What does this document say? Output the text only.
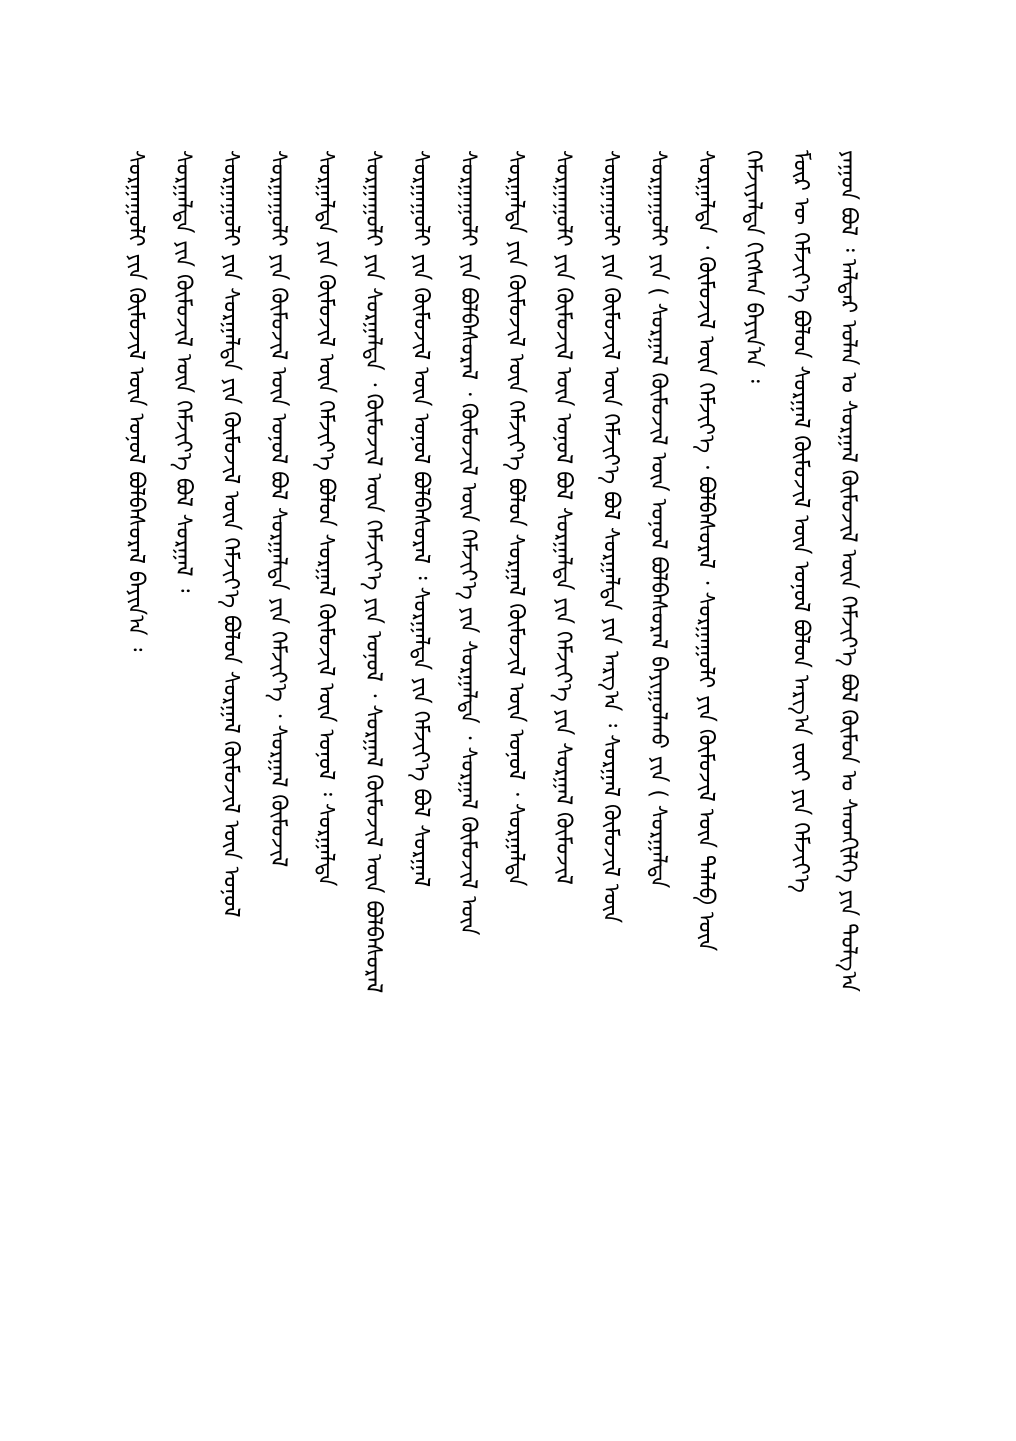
ᠶᠠᠭᠤᠨ ᠪᠣᠯ ᠄ ᠠᠯᠳᠠᠷ ᠣᠯᠠᠨ ᠤ ᠰᠤᠷᠭᠠᠯ ᠬᠦᠮᠦᠵᠢᠯ ᠦᠨ ᠬᠡᠮᠵᠢᠶ᠎ᠡ ᠪᠣᠯ ᠬᠦᠮᠦᠨ ᠤ ᠰᠡᠳᠬᠢᠯᠭᠡ ᠶᠢᠨ ᠲᠤᠯᠭ᠎ᠠ
ᠮᠥᠷ ᠦ ᠬᠡᠮᠵᠢᠶ᠎ᠡ ᠪᠣᠯᠤᠨ ᠰᠤᠷᠭᠠᠯ ᠬᠦᠮᠦᠵᠢᠯ ᠦᠨ ᠣᠨᠣᠯ ᠪᠣᠯᠤᠨ ᠠᠷᠭ᠎ᠠ ᠵᠦᠢ ᠶᠢᠨ ᠬᠡᠮᠵᠢᠶ᠎ᠡ
ᠬᠡᠮᠵᠢᠶᠡᠯᠲᠡ ᠬᠢᠭᠰᠡᠨ ᠪᠠᠶᠢᠨ᠎ᠠ ᠄
ᠰᠤᠷᠭᠠᠯᠲᠠ ᠂ ᠬᠦᠮᠦᠵᠢᠯ ᠦᠨ ᠬᠡᠮᠵᠢᠶ᠎ᠡ ᠂ ᠪᠣᠯᠪᠠᠰᠤᠷᠠᠯ ᠂ ᠰᠤᠷᠭᠠᠭᠤᠯᠢ ᠶᠢᠨ ᠬᠦᠮᠦᠵᠢᠯ ᠦᠨ ᠲᠡᠯᠡᠪ ᠦᠨ
ᠰᠤᠷᠭᠠᠭᠤᠯᠢ ᠶᠢᠨ ( ᠰᠤᠷᠭᠠᠯ ᠬᠦᠮᠦᠵᠢᠯ ᠦᠨ ᠣᠨᠣᠯ ᠪᠣᠯᠪᠠᠰᠤᠷᠠᠯ ᠪᠠᠶᠢᠭᠤᠯᠬᠤ ᠶᠢᠨ ( ᠰᠤᠷᠭᠠᠯᠲᠠ
ᠰᠤᠷᠭᠠᠭᠤᠯᠢ ᠶᠢᠨ ᠬᠦᠮᠦᠵᠢᠯ ᠦᠨ ᠬᠡᠮᠵᠢᠶ᠎ᠡ ᠪᠣᠯ ᠰᠤᠷᠭᠠᠯᠲᠠ ᠶᠢᠨ ᠠᠷᠭ᠎ᠠ ᠄ ᠰᠤᠷᠭᠠᠯ ᠬᠦᠮᠦᠵᠢᠯ ᠦᠨ
ᠰᠤᠷᠭᠠᠭᠤᠯᠢ ᠶᠢᠨ ᠬᠦᠮᠦᠵᠢᠯ ᠦᠨ ᠣᠨᠣᠯ ᠪᠣᠯ ᠰᠤᠷᠭᠠᠯᠲᠠ ᠶᠢᠨ ᠬᠡᠮᠵᠢᠶ᠎ᠡ ᠶᠢᠨ ᠰᠤᠷᠭᠠᠯ ᠬᠦᠮᠦᠵᠢᠯ
ᠰᠤᠷᠭᠠᠯᠲᠠ ᠶᠢᠨ ᠬᠦᠮᠦᠵᠢᠯ ᠦᠨ ᠬᠡᠮᠵᠢᠶ᠎ᠡ ᠪᠣᠯᠤᠨ ᠰᠤᠷᠭᠠᠯ ᠬᠦᠮᠦᠵᠢᠯ ᠦᠨ ᠣᠨᠣᠯ ᠂ ᠰᠤᠷᠭᠠᠯᠲᠠ
ᠰᠤᠷᠭᠠᠭᠤᠯᠢ ᠶᠢᠨ ᠪᠣᠯᠪᠠᠰᠤᠷᠠᠯ ᠂ ᠬᠦᠮᠦᠵᠢᠯ ᠦᠨ ᠬᠡᠮᠵᠢᠶ᠎ᠡ ᠶᠢᠨ ᠰᠤᠷᠭᠠᠯᠲᠠ ᠂ ᠰᠤᠷᠭᠠᠯ ᠬᠦᠮᠦᠵᠢᠯ ᠦᠨ
ᠰᠤᠷᠭᠠᠭᠤᠯᠢ ᠶᠢᠨ ᠬᠦᠮᠦᠵᠢᠯ ᠦᠨ ᠣᠨᠣᠯ ᠪᠣᠯᠪᠠᠰᠤᠷᠠᠯ ᠄ ᠰᠤᠷᠭᠠᠯᠲᠠ ᠶᠢᠨ ᠬᠡᠮᠵᠢᠶ᠎ᠡ ᠪᠣᠯ ᠰᠤᠷᠭᠠᠯ
ᠰᠤᠷᠭᠠᠭᠤᠯᠢ ᠶᠢᠨ ᠰᠤᠷᠭᠠᠯᠲᠠ ᠂ ᠬᠦᠮᠦᠵᠢᠯ ᠦᠨ ᠬᠡᠮᠵᠢᠶ᠎ᠡ ᠶᠢᠨ ᠣᠨᠣᠯ ᠂ ᠰᠤᠷᠭᠠᠯ ᠬᠦᠮᠦᠵᠢᠯ ᠦᠨ ᠪᠣᠯᠪᠠᠰᠤᠷᠠᠯ
ᠰᠤᠷᠭᠠᠯᠲᠠ ᠶᠢᠨ ᠬᠦᠮᠦᠵᠢᠯ ᠦᠨ ᠬᠡᠮᠵᠢᠶ᠎ᠡ ᠪᠣᠯᠤᠨ ᠰᠤᠷᠭᠠᠯ ᠬᠦᠮᠦᠵᠢᠯ ᠦᠨ ᠣᠨᠣᠯ ᠄ ᠰᠤᠷᠭᠠᠯᠲᠠ
ᠰᠤᠷᠭᠠᠭᠤᠯᠢ ᠶᠢᠨ ᠬᠦᠮᠦᠵᠢᠯ ᠦᠨ ᠣᠨᠣᠯ ᠪᠣᠯ ᠰᠤᠷᠭᠠᠯᠲᠠ ᠶᠢᠨ ᠬᠡᠮᠵᠢᠶ᠎ᠡ ᠂ ᠰᠤᠷᠭᠠᠯ ᠬᠦᠮᠦᠵᠢᠯ
ᠰᠤᠷᠭᠠᠭᠤᠯᠢ ᠶᠢᠨ ᠰᠤᠷᠭᠠᠯᠲᠠ ᠶᠢᠨ ᠬᠦᠮᠦᠵᠢᠯ ᠦᠨ ᠬᠡᠮᠵᠢᠶ᠎ᠡ ᠪᠣᠯᠤᠨ ᠰᠤᠷᠭᠠᠯ ᠬᠦᠮᠦᠵᠢᠯ ᠦᠨ ᠣᠨᠣᠯ
ᠰᠤᠷᠭᠠᠯᠲᠠ ᠶᠢᠨ ᠬᠦᠮᠦᠵᠢᠯ ᠦᠨ ᠬᠡᠮᠵᠢᠶ᠎ᠡ ᠪᠣᠯ ᠰᠤᠷᠭᠠᠯ ᠄
ᠰᠤᠷᠭᠠᠭᠤᠯᠢ ᠶᠢᠨ ᠬᠦᠮᠦᠵᠢᠯ ᠦᠨ ᠣᠨᠣᠯ ᠪᠣᠯᠪᠠᠰᠤᠷᠠᠯ ᠪᠠᠶᠢᠨ᠎ᠠ ᠄
